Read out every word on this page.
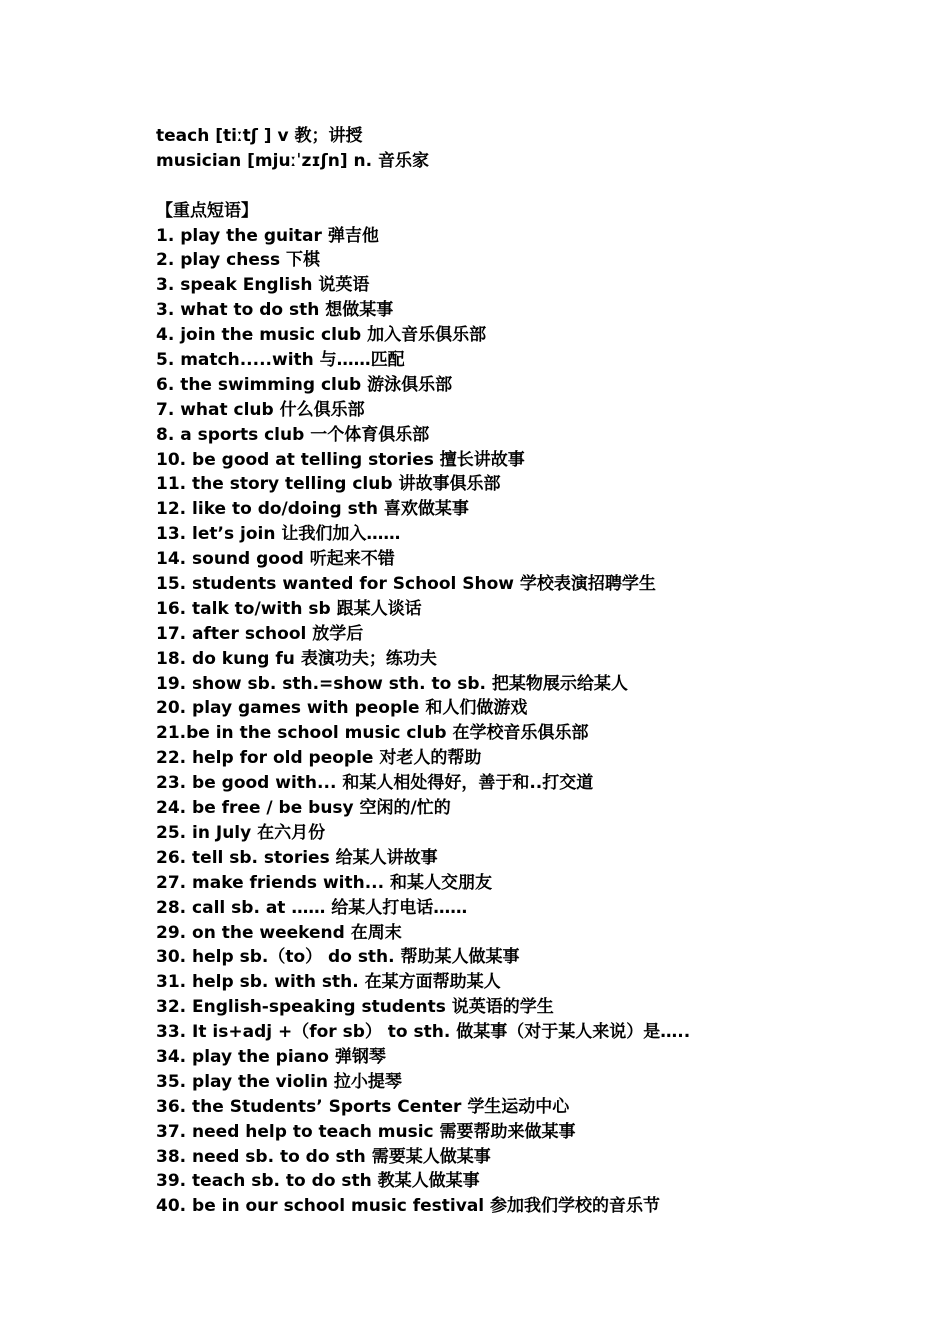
teach [tiːtʃ ] v 教；讲授
musician [mjuːˈzɪʃn] n. 音乐家
【重点短语】
1. play the guitar 弹吉他
2. play chess 下棋
3. speak English 说英语
3. what to do sth 想做某事
4. join the music club 加入音乐俱乐部
5. match.....with 与……匹配
6. the swimming club 游泳俱乐部
7. what club 什么俱乐部
8. a sports club 一个体育俱乐部
10. be good at telling stories 擅长讲故事
11. the story telling club 讲故事俱乐部
12. like to do/doing sth 喜欢做某事
13. let’s join 让我们加入……
14. sound good 听起来不错
15. students wanted for School Show 学校表演招聘学生
16. talk to/with sb 跟某人谈话
17. after school 放学后
18. do kung fu 表演功夫；练功夫
19. show sb. sth.=show sth. to sb. 把某物展示给某人
20. play games with people 和人们做游戏
21.be in the school music club 在学校音乐俱乐部
22. help for old people 对老人的帮助
23. be good with... 和某人相处得好，善于和..打交道
24. be free / be busy 空闲的/忙的
25. in July 在六月份
26. tell sb. stories 给某人讲故事
27. make friends with... 和某人交朋友
28. call sb. at …… 给某人打电话……
29. on the weekend 在周末
30. help sb.（to） do sth. 帮助某人做某事
31. help sb. with sth. 在某方面帮助某人
32. English-speaking students 说英语的学生
33. It is+adj +（for sb） to sth. 做某事（对于某人来说）是…..
34. play the piano 弹钢琴
35. play the violin 拉小提琴
36. the Students’ Sports Center 学生运动中心
37. need help to teach music 需要帮助来做某事
38. need sb. to do sth 需要某人做某事
39. teach sb. to do sth 教某人做某事
40. be in our school music festival 参加我们学校的音乐节
